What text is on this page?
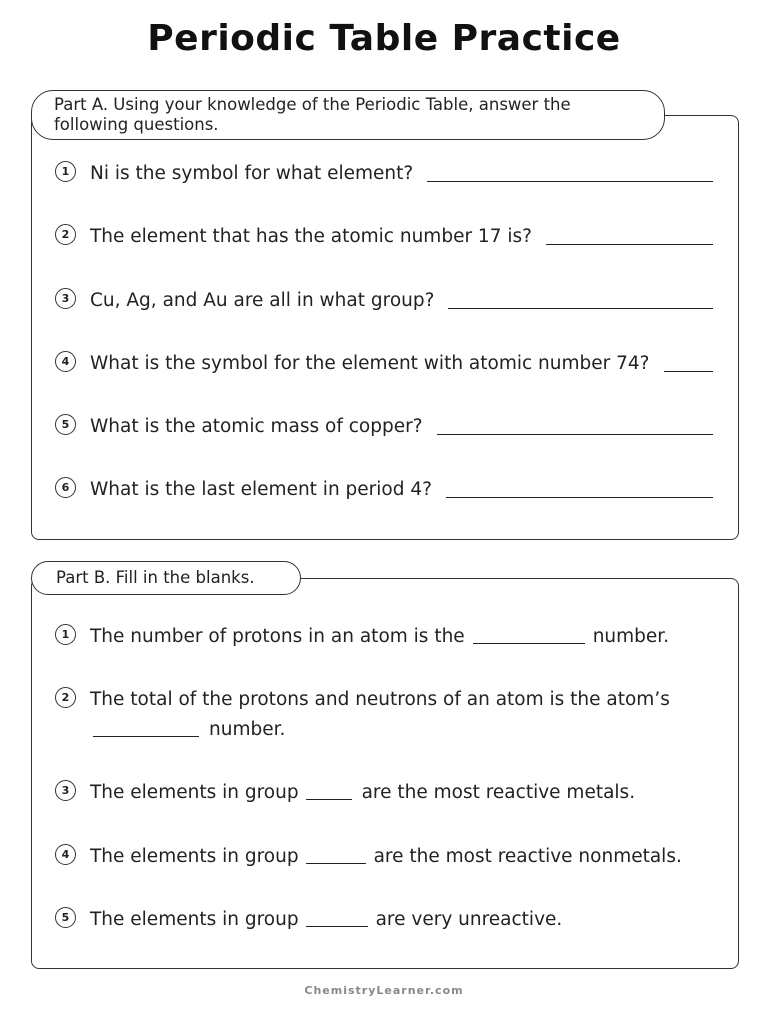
Periodic Table Practice
Part A. Using your knowledge of the Periodic Table, answer the following questions.
1	Ni is the symbol for what element?
2	The element that has the atomic number 17 is?
3	Cu, Ag, and Au are all in what group?
4	What is the symbol for the element with atomic number 74?
5	What is the atomic mass of copper?
6	What is the last element in period 4?
Part B. Fill in the blanks.
1	The number of protons in an atom is the	number.
2	The total of the protons and neutrons of an atom is the atom’s
number.
3	The elements in group	are the most reactive metals.
4	The elements in group	are the most reactive nonmetals.
5	The elements in group	are very unreactive.
ChemistryLearner.com
